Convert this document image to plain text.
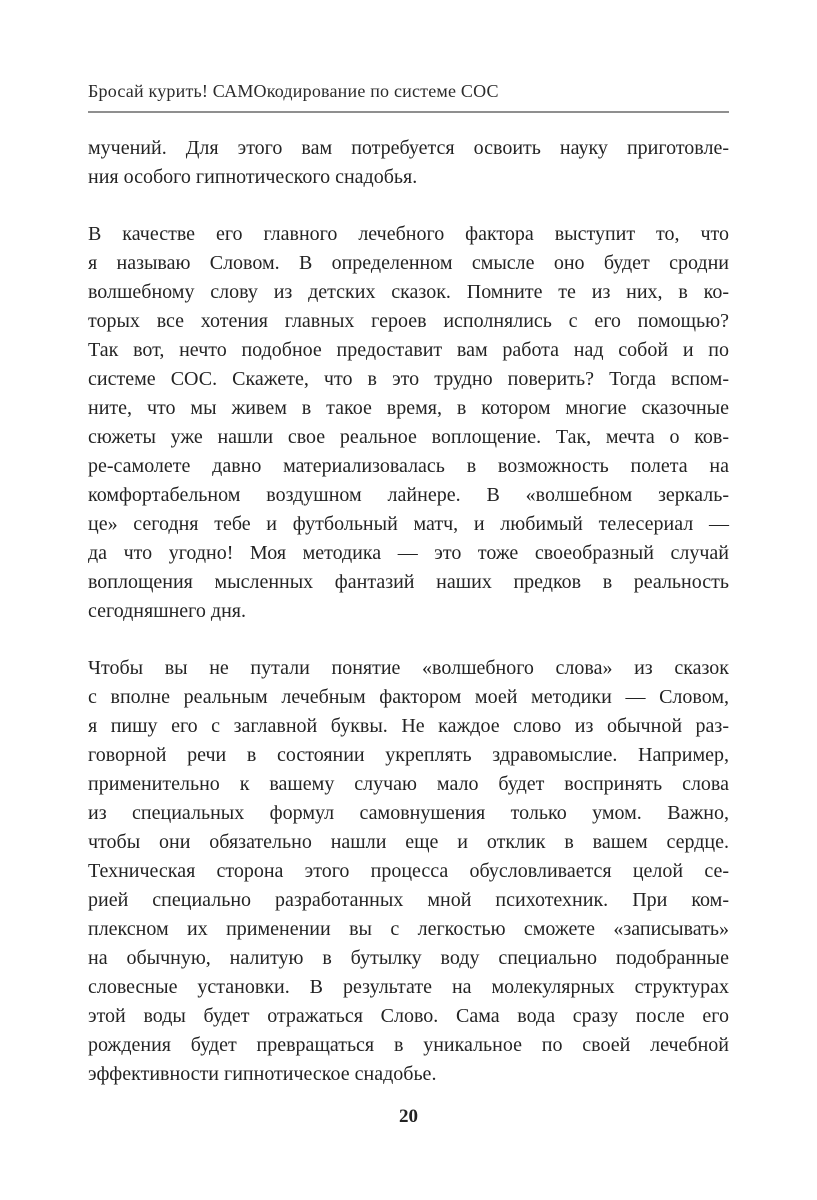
Бросай курить! САМОкодирование по системе СОС
мучений. Для этого вам потребуется освоить науку приготовле-
ния особого гипнотического снадобья.
В качестве его главного лечебного фактора выступит то, что
я называю Словом. В определенном смысле оно будет сродни
волшебному слову из детских сказок. Помните те из них, в ко-
торых все хотения главных героев исполнялись с его помощью?
Так вот, нечто подобное предоставит вам работа над собой и по
системе СОС. Скажете, что в это трудно поверить? Тогда вспом-
ните, что мы живем в такое время, в котором многие сказочные
сюжеты уже нашли свое реальное воплощение. Так, мечта о ков-
ре-самолете давно материализовалась в возможность полета на
комфортабельном воздушном лайнере. В «волшебном зеркаль-
це» сегодня тебе и футбольный матч, и любимый телесериал —
да что угодно! Моя методика — это тоже своеобразный случай
воплощения мысленных фантазий наших предков в реальность
сегодняшнего дня.
Чтобы вы не путали понятие «волшебного слова» из сказок
с вполне реальным лечебным фактором моей методики — Словом,
я пишу его с заглавной буквы. Не каждое слово из обычной раз-
говорной речи в состоянии укреплять здравомыслие. Например,
применительно к вашему случаю мало будет воспринять слова
из специальных формул самовнушения только умом. Важно,
чтобы они обязательно нашли еще и отклик в вашем сердце.
Техническая сторона этого процесса обусловливается целой се-
рией специально разработанных мной психотехник. При ком-
плексном их применении вы с легкостью сможете «записывать»
на обычную, налитую в бутылку воду специально подобранные
словесные установки. В результате на молекулярных структурах
этой воды будет отражаться Слово. Сама вода сразу после его
рождения будет превращаться в уникальное по своей лечебной
эффективности гипнотическое снадобье.
20
